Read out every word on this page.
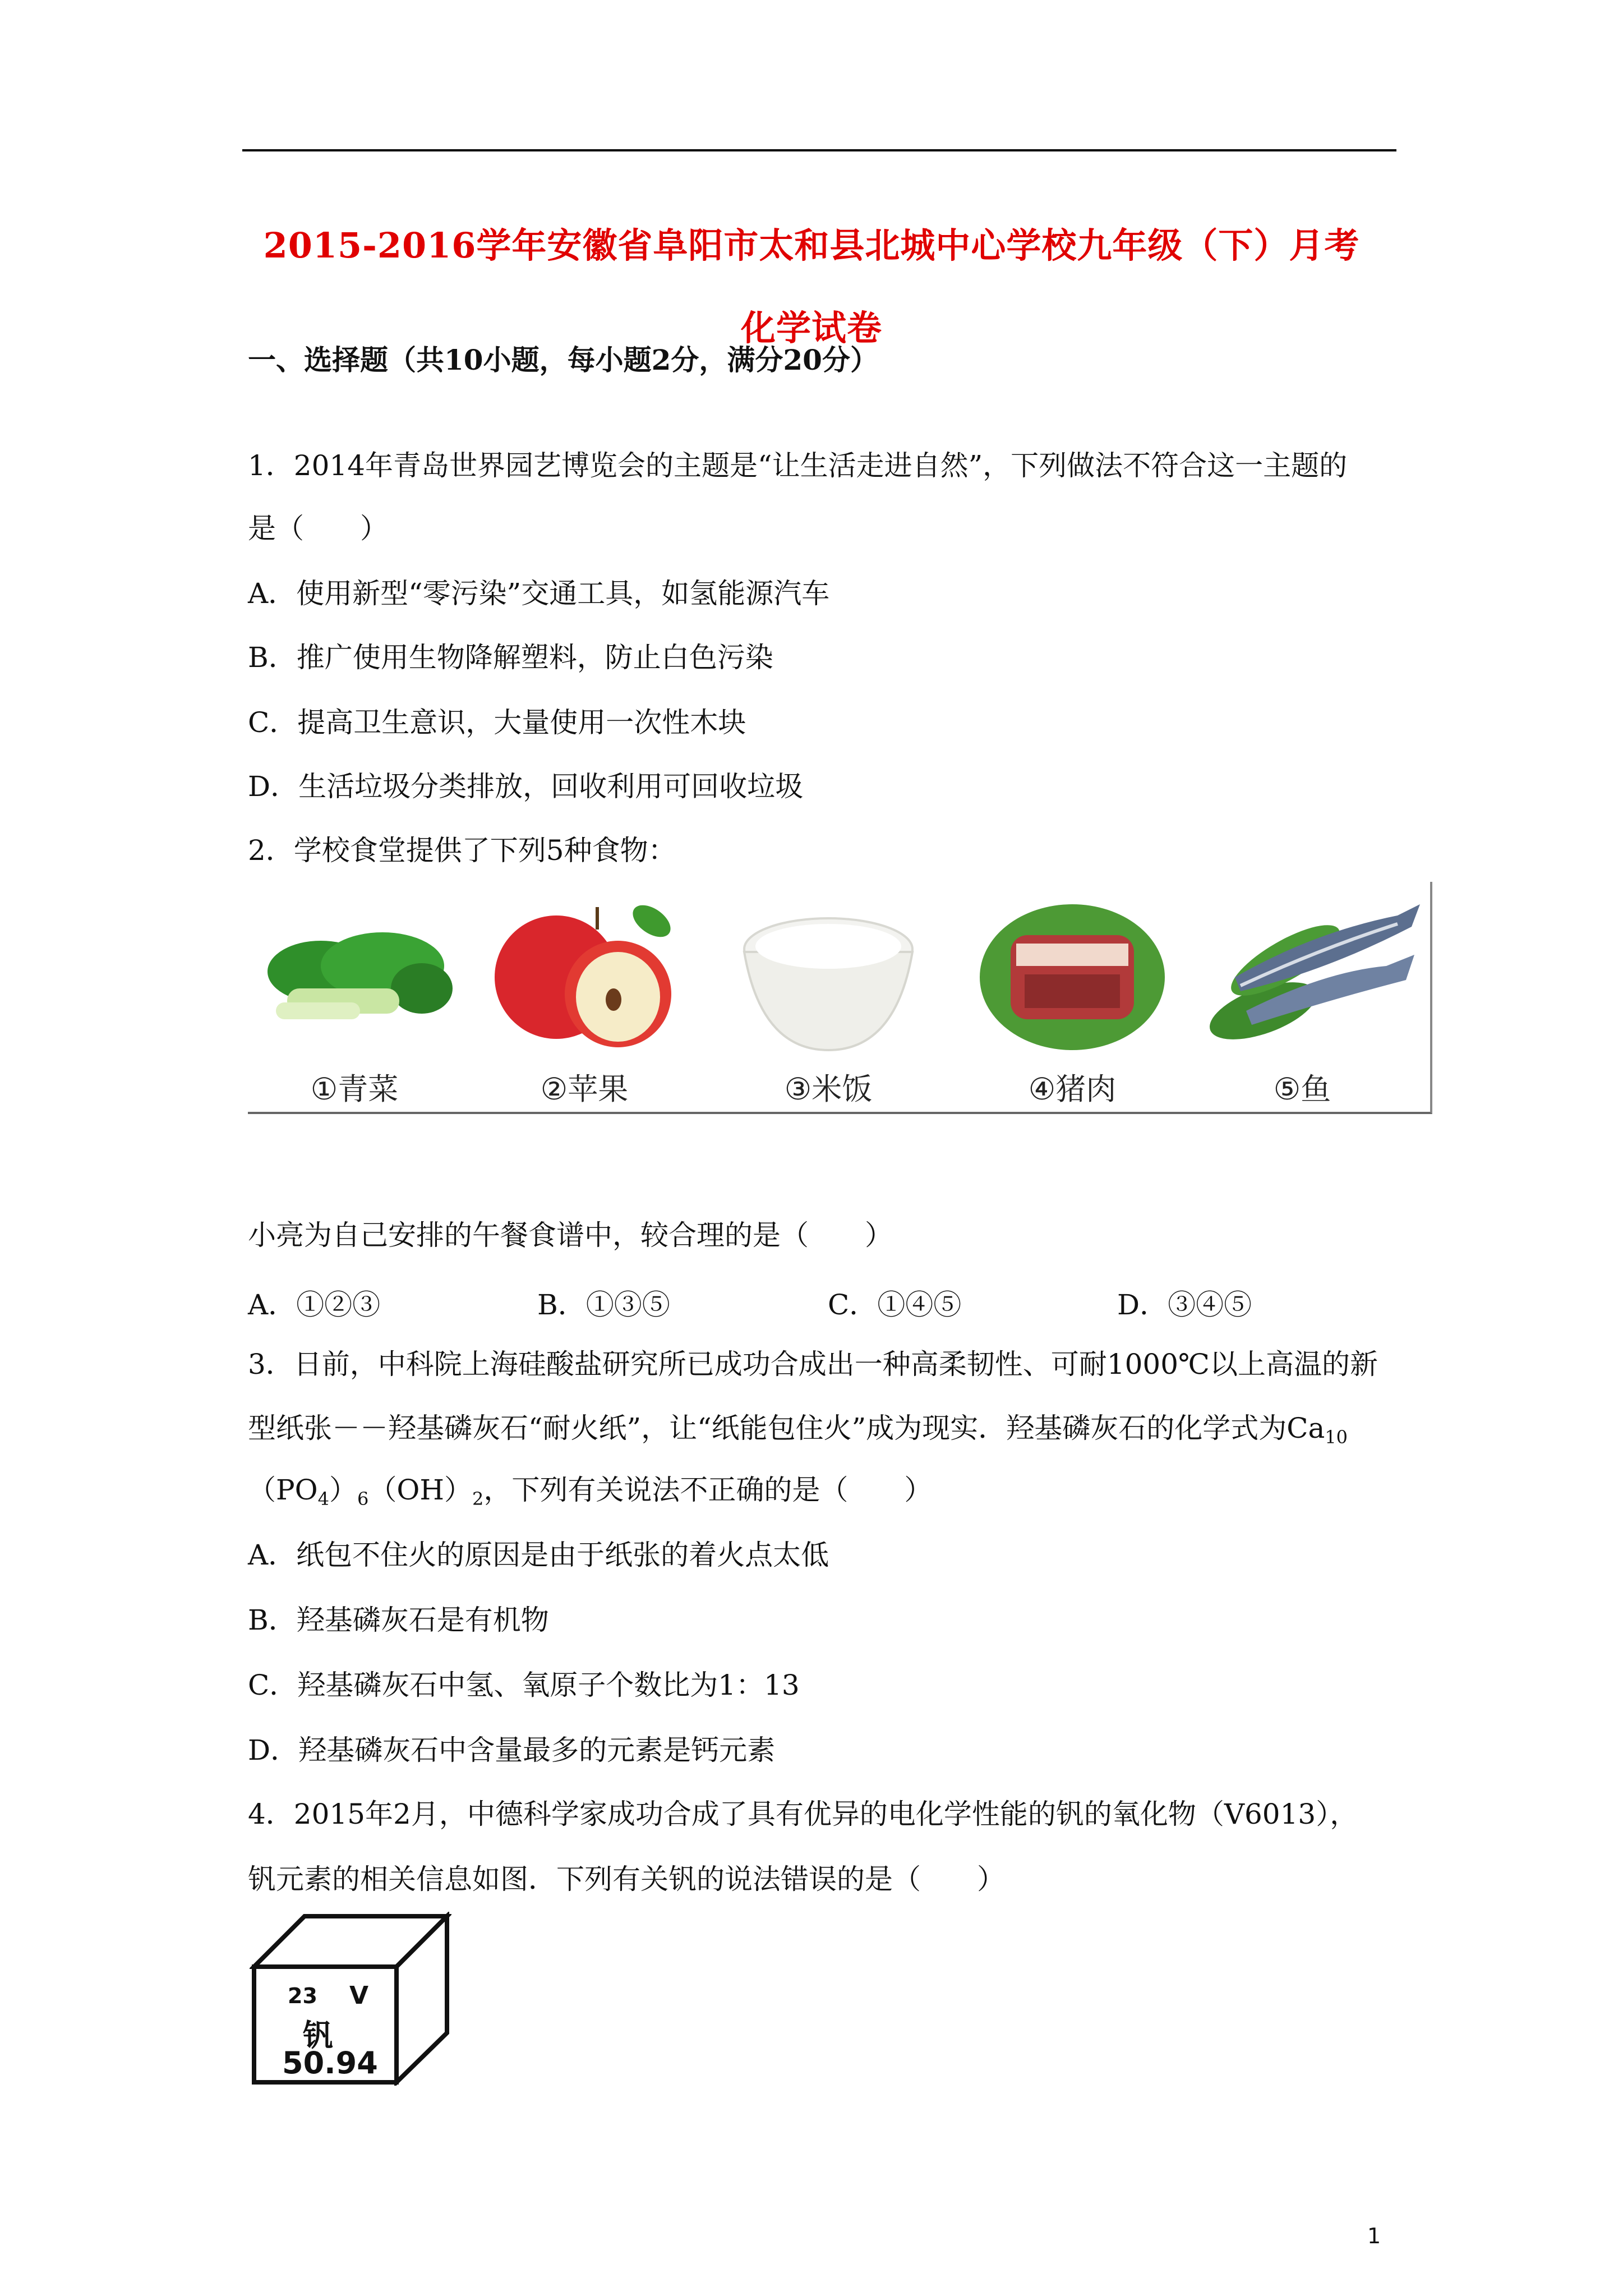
2015-2016学年安徽省阜阳市太和县北城中心学校九年级（下）月考
化学试卷
一、选择题（共10小题，每小题2分，满分20分）
1．2014年青岛世界园艺博览会的主题是“让生活走进自然”，下列做法不符合这一主题的
是（　　）
A．使用新型“零污染”交通工具，如氢能源汽车
B．推广使用生物降解塑料，防止白色污染
C．提高卫生意识，大量使用一次性木块
D．生活垃圾分类排放，回收利用可回收垃圾
2．学校食堂提供了下列5种食物：
①青菜	②苹果	③米饭	④猪肉	⑤鱼
小亮为自己安排的午餐食谱中，较合理的是（　　）
A．①②③	B．①③⑤	C．①④⑤	D．③④⑤
3．日前，中科院上海硅酸盐研究所已成功合成出一种高柔韧性、可耐1000℃以上高温的新
型纸张－－羟基磷灰石“耐火纸”，让“纸能包住火”成为现实．羟基磷灰石的化学式为$Ca_{10}$
$(PO_4)_6(OH)_2$，下列有关说法不正确的是（　　）
A．纸包不住火的原因是由于纸张的着火点太低
B．羟基磷灰石是有机物
C．羟基磷灰石中氢、氧原子个数比为1：13
D．羟基磷灰石中含量最多的元素是钙元素
4．2015年2月，中德科学家成功合成了具有优异的电化学性能的钒的氧化物（V6013），
钒元素的相关信息如图．下列有关钒的说法错误的是（　　）
23 V
钒
50.94
1
